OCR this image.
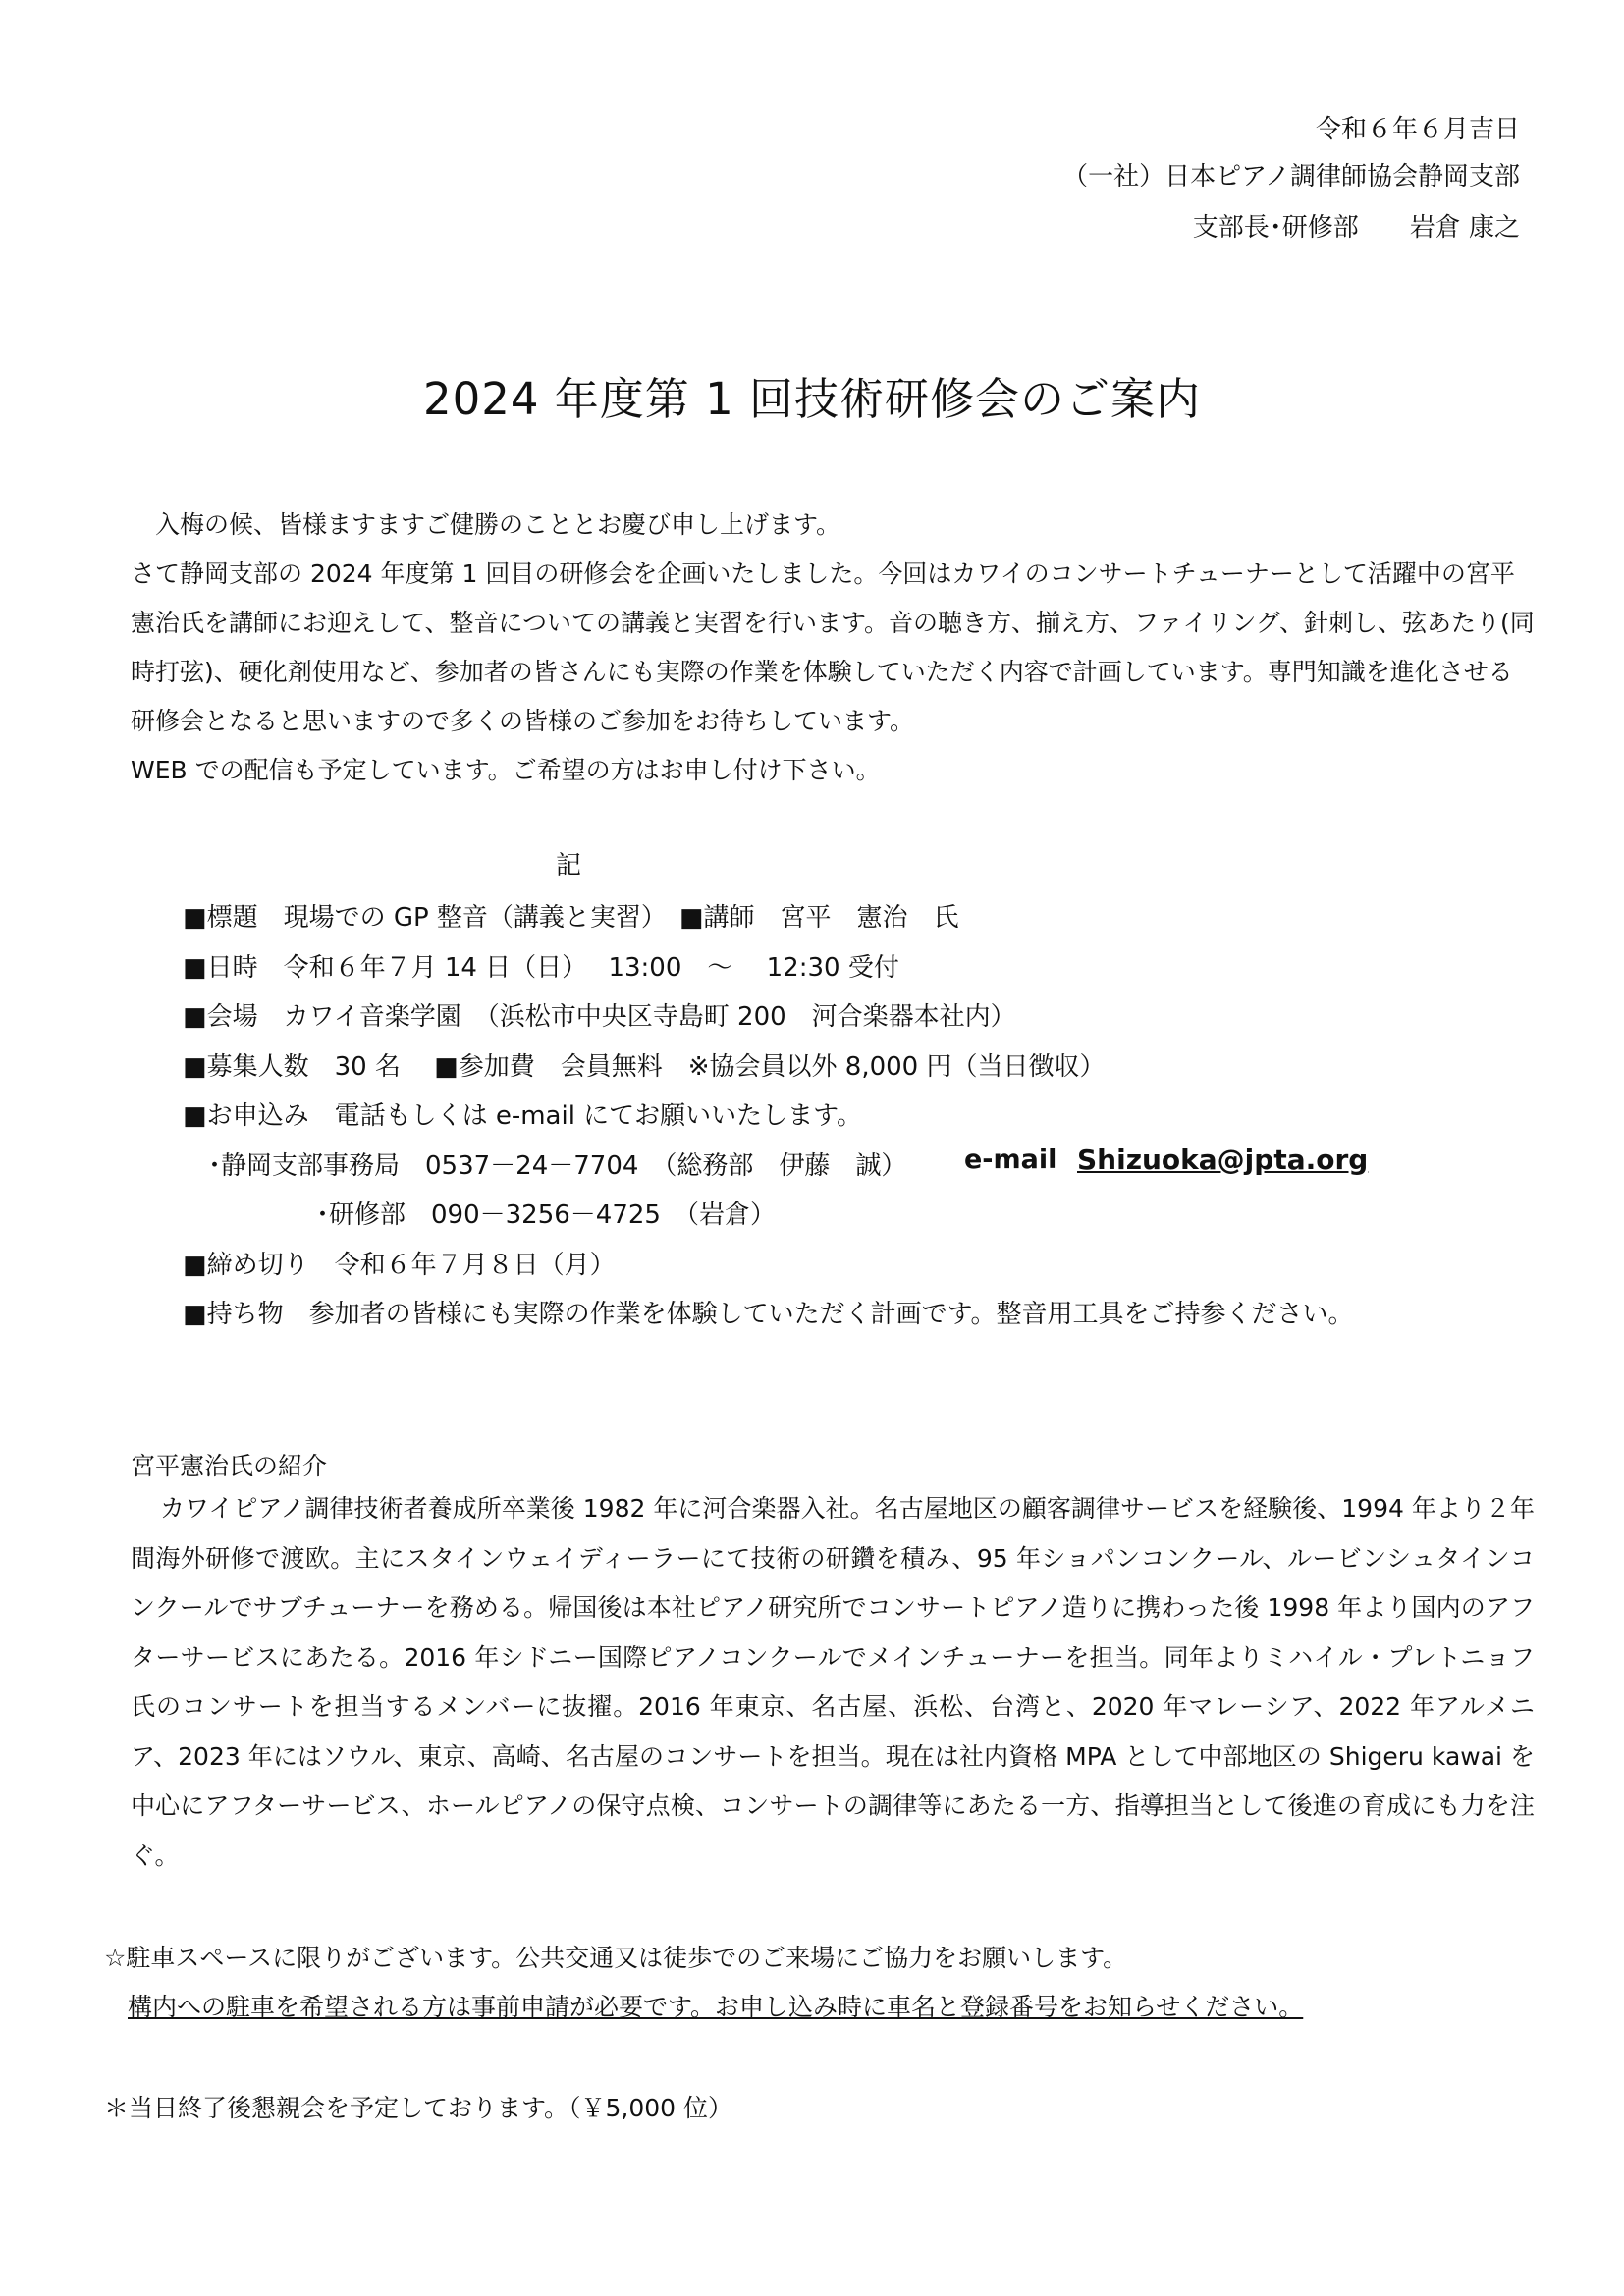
令和６年６月吉日
（一社）日本ピアノ調律師協会静岡支部
支部長･研修部　　岩倉 康之
2024 年度第 1 回技術研修会のご案内

　入梅の候、皆様ますますご健勝のこととお慶び申し上げます。

さて静岡支部の 2024 年度第 1 回目の研修会を企画いたしました。今回はカワイのコンサートチューナーとして活躍中の宮平憲治氏を講師にお迎えして、整音についての講義と実習を行います。音の聴き方、揃え方、ファイリング、針刺し、弦あたり(同時打弦)、硬化剤使用など、参加者の皆さんにも実際の作業を体験していただく内容で計画しています。専門知識を進化させる研修会となると思いますので多くの皆様のご参加をお待ちしています。

WEB での配信も予定しています。ご希望の方はお申し付け下さい。

記
■標題　現場での GP 整音（講義と実習）　■講師　宮平　憲治　氏
■日時　令和６年７月 14 日（日）　 13:00　～　 12:30 受付
■会場　カワイ音楽学園　（浜松市中央区寺島町 200　河合楽器本社内）
■募集人数　30 名　 ■参加費　会員無料　※協会員以外 8,000 円（当日徴収）
■お申込み　電話もしくは e-mail にてお願いいたします。
･静岡支部事務局　0537－24－7704　（総務部　伊藤　誠） e-mail Shizuoka@jpta.org
･研修部　090－3256－4725　（岩倉）
■締め切り　令和６年７月８日（月）
■持ち物　参加者の皆様にも実際の作業を体験していただく計画です。整音用工具をご持参ください。
宮平憲治氏の紹介

カワイピアノ調律技術者養成所卒業後 1982 年に河合楽器入社。名古屋地区の顧客調律サービスを経験後、1994 年より２年間海外研修で渡欧。主にスタインウェイディーラーにて技術の研鑽を積み、95 年ショパンコンクール、ルービンシュタインコンクールでサブチューナーを務める。帰国後は本社ピアノ研究所でコンサートピアノ造りに携わった後 1998 年より国内のアフターサービスにあたる。2016 年シドニー国際ピアノコンクールでメインチューナーを担当。同年よりミハイル・プレトニョフ氏のコンサートを担当するメンバーに抜擢。2016 年東京、名古屋、浜松、台湾と、2020 年マレーシア、2022 年アルメニア、2023 年にはソウル、東京、高崎、名古屋のコンサートを担当。現在は社内資格 MPA として中部地区の Shigeru kawai を中心にアフターサービス、ホールピアノの保守点検、コンサートの調律等にあたる一方、指導担当として後進の育成にも力を注ぐ。

☆駐車スペースに限りがございます。公共交通又は徒歩でのご来場にご協力をお願いします。
構内への駐車を希望される方は事前申請が必要です。お申し込み時に車名と登録番号をお知らせください。
＊当日終了後懇親会を予定しております。（￥5,000 位）
